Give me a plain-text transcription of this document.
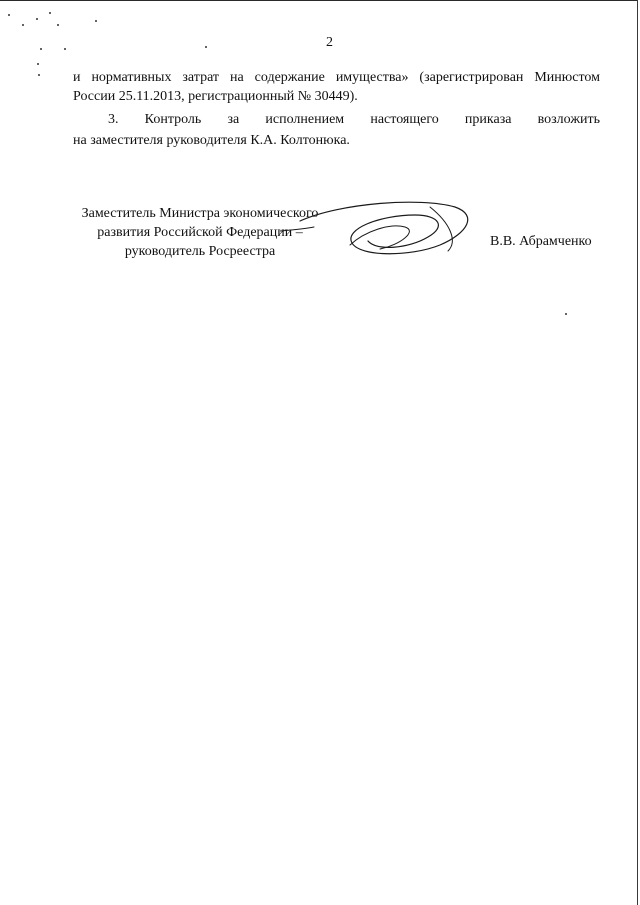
2

и нормативных затрат на содержание имущества» (зарегистрирован Минюстом

России 25.11.2013, регистрационный № 30449).

3. Контроль за исполнением настоящего приказа возложить

на заместителя руководителя К.А. Колтонюка.

Заместитель Министра экономического
развития Российской Федерации –
руководитель Росреестра
В.В. Абрамченко
